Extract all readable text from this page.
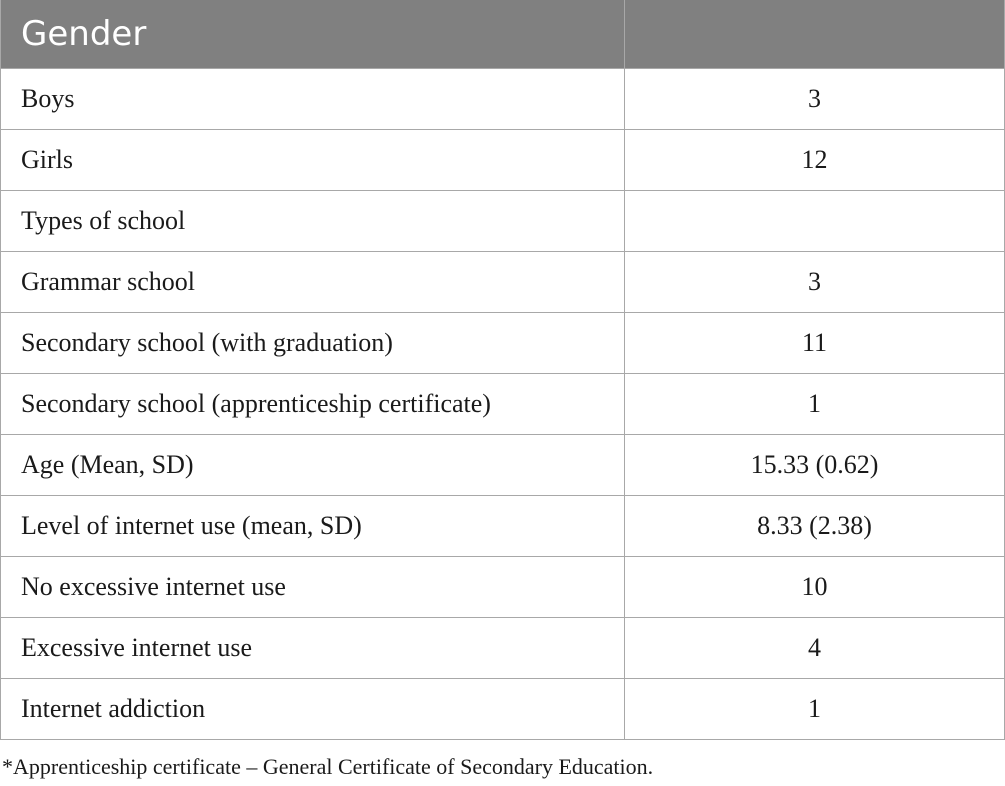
Gender	
Boys	3
Girls	12
Types of school	
Grammar school	3
Secondary school (with graduation)	11
Secondary school (apprenticeship certificate)	1
Age (Mean, SD)	15.33 (0.62)
Level of internet use (mean, SD)	8.33 (2.38)
No excessive internet use	10
Excessive internet use	4
Internet addiction	1
*Apprenticeship certificate – General Certificate of Secondary Education.
